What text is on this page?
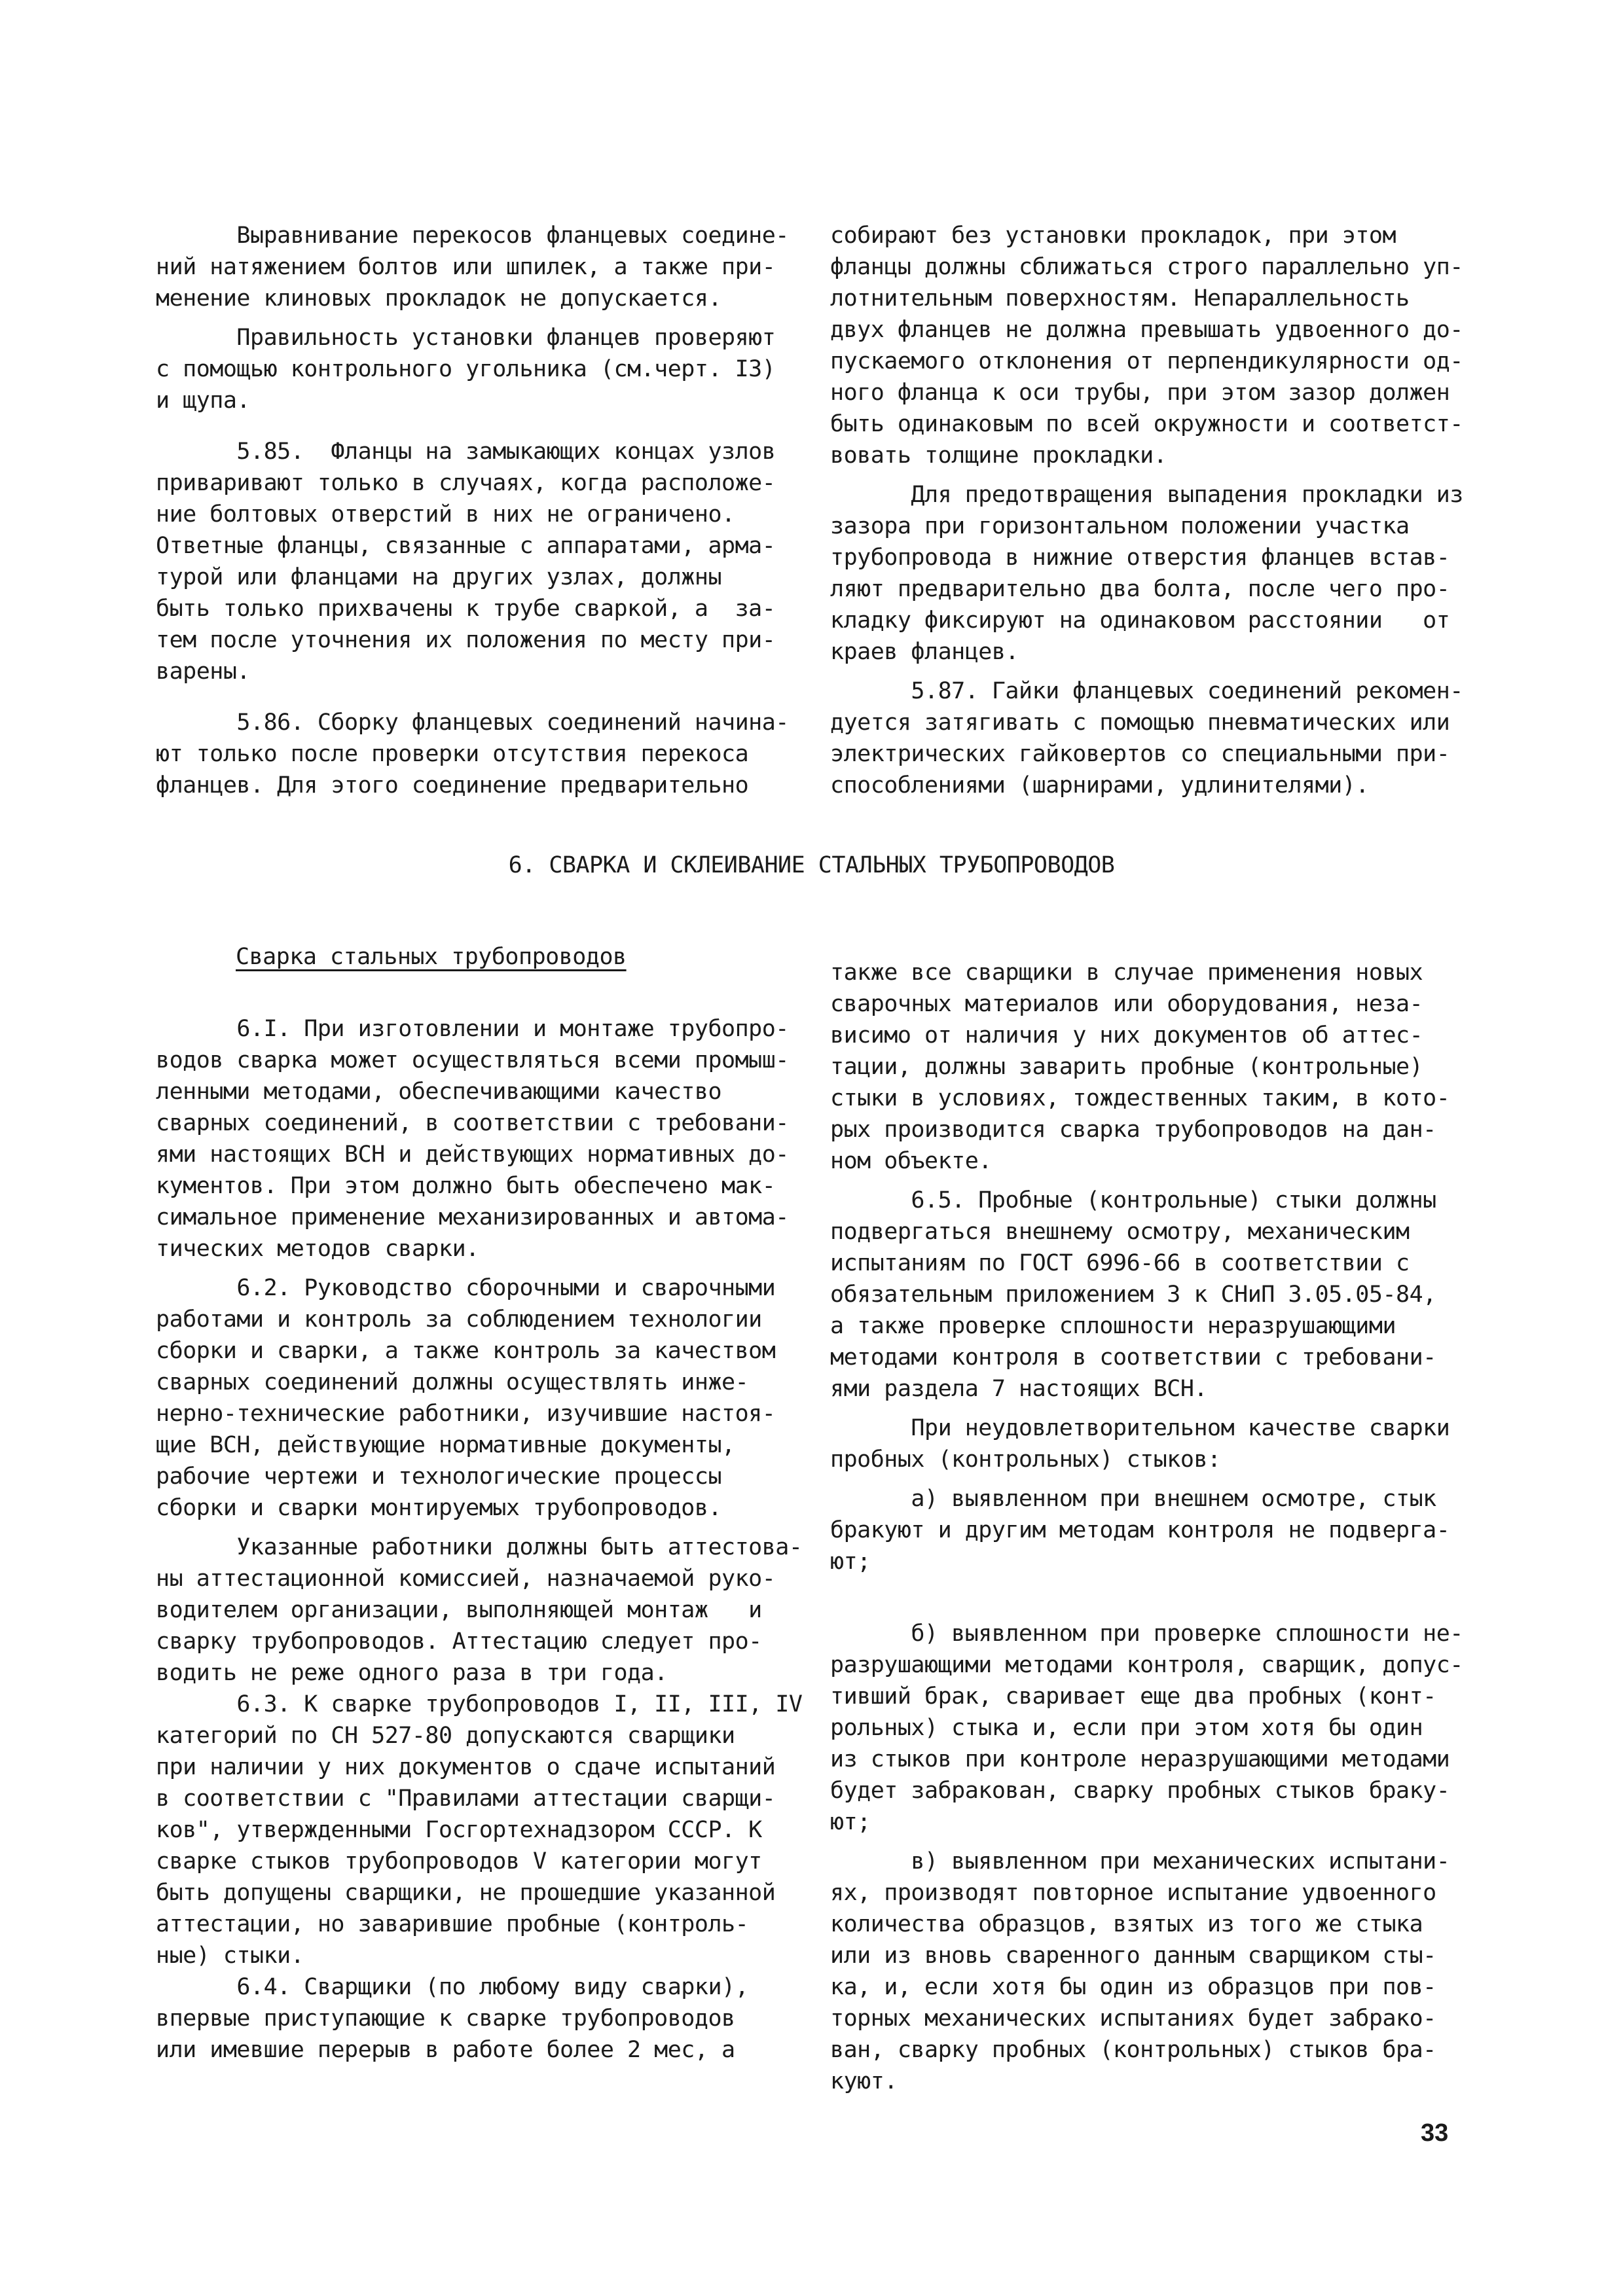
Выравнивание перекосов фланцевых соедине-
ний натяжением болтов или шпилек, а также при-
менение клиновых прокладок не допускается.
Правильность установки фланцев проверяют
с помощью контрольного угольника (см.черт. I3)
и щупа.
5.85.  Фланцы на замыкающих концах узлов
приваривают только в случаях, когда расположе-
ние болтовых отверстий в них не ограничено.
Ответные фланцы, связанные с аппаратами, арма-
турой или фланцами на других узлах, должны
быть только прихвачены к трубе сваркой, а  за-
тем после уточнения их положения по месту при-
варены.
5.86. Сборку фланцевых соединений начина-
ют только после проверки отсутствия перекоса
фланцев. Для этого соединение предварительно
собирают без установки прокладок, при этом
фланцы должны сближаться строго параллельно уп-
лотнительным поверхностям. Непараллельность
двух фланцев не должна превышать удвоенного до-
пускаемого отклонения от перпендикулярности од-
ного фланца к оси трубы, при этом зазор должен
быть одинаковым по всей окружности и соответст-
вовать толщине прокладки.
Для предотвращения выпадения прокладки из
зазора при горизонтальном положении участка
трубопровода в нижние отверстия фланцев встав-
ляют предварительно два болта, после чего про-
кладку фиксируют на одинаковом расстоянии   от
краев фланцев.
5.87. Гайки фланцевых соединений рекомен-
дуется затягивать с помощью пневматических или
электрических гайковертов со специальными при-
способлениями (шарнирами, удлинителями).
6. СВАРКА И СКЛЕИВАНИЕ СТАЛЬНЫХ ТРУБОПРОВОДОВ
Сварка стальных трубопроводов
6.I. При изготовлении и монтаже трубопро-
водов сварка может осуществляться всеми промыш-
ленными методами, обеспечивающими качество
сварных соединений, в соответствии с требовани-
ями настоящих ВСН и действующих нормативных до-
кументов. При этом должно быть обеспечено мак-
симальное применение механизированных и автома-
тических методов сварки.
6.2. Руководство сборочными и сварочными
работами и контроль за соблюдением технологии
сборки и сварки, а также контроль за качеством
сварных соединений должны осуществлять инже-
нерно-технические работники, изучившие настоя-
щие ВСН, действующие нормативные документы,
рабочие чертежи и технологические процессы
сборки и сварки монтируемых трубопроводов.
Указанные работники должны быть аттестова-
ны аттестационной комиссией, назначаемой руко-
водителем организации, выполняющей монтаж   и
сварку трубопроводов. Аттестацию следует про-
водить не реже одного раза в три года.
6.3. К сварке трубопроводов I, II, III, IV
категорий по СН 527-80 допускаются сварщики
при наличии у них документов о сдаче испытаний
в соответствии с "Правилами аттестации сварщи-
ков", утвержденными Госгортехнадзором СССР. К
сварке стыков трубопроводов V категории могут
быть допущены сварщики, не прошедшие указанной
аттестации, но заварившие пробные (контроль-
ные) стыки.
6.4. Сварщики (по любому виду сварки),
впервые приступающие к сварке трубопроводов
или имевшие перерыв в работе более 2 мес, а
также все сварщики в случае применения новых
сварочных материалов или оборудования, неза-
висимо от наличия у них документов об аттес-
тации, должны заварить пробные (контрольные)
стыки в условиях, тождественных таким, в кото-
рых производится сварка трубопроводов на дан-
ном объекте.
6.5. Пробные (контрольные) стыки должны
подвергаться внешнему осмотру, механическим
испытаниям по ГОСТ 6996-66 в соответствии с
обязательным приложением 3 к СНиП 3.05.05-84,
а также проверке сплошности неразрушающими
методами контроля в соответствии с требовани-
ями раздела 7 настоящих ВСН.
При неудовлетворительном качестве сварки
пробных (контрольных) стыков:
а) выявленном при внешнем осмотре, стык
бракуют и другим методам контроля не подверга-
ют;
б) выявленном при проверке сплошности не-
разрушающими методами контроля, сварщик, допус-
тивший брак, сваривает еще два пробных (конт-
рольных) стыка и, если при этом хотя бы один
из стыков при контроле неразрушающими методами
будет забракован, сварку пробных стыков браку-
ют;
в) выявленном при механических испытани-
ях, производят повторное испытание удвоенного
количества образцов, взятых из того же стыка
или из вновь сваренного данным сварщиком сты-
ка, и, если хотя бы один из образцов при пов-
торных механических испытаниях будет забрако-
ван, сварку пробных (контрольных) стыков бра-
куют.
33
